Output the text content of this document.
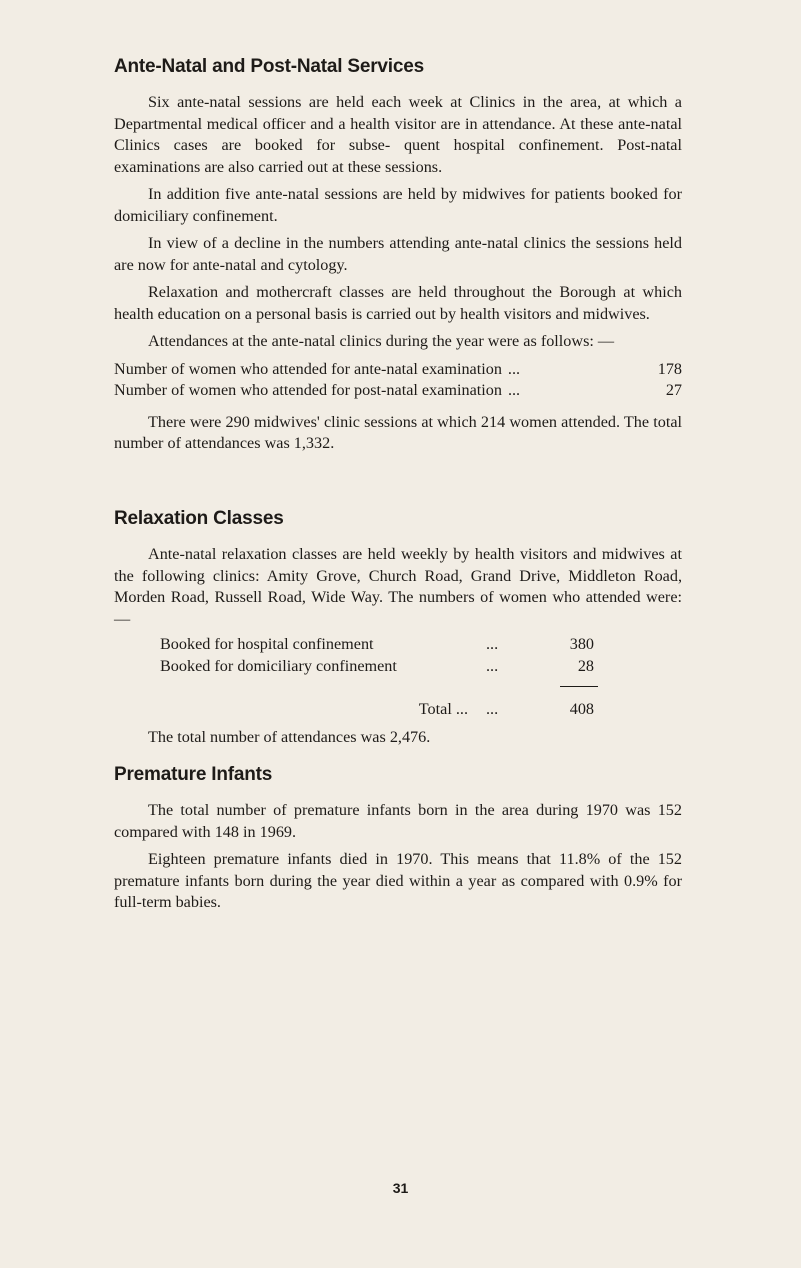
Ante-Natal and Post-Natal Services

Six ante-natal sessions are held each week at Clinics in the area, at which a Departmental medical officer and a health visitor are in attendance. At these ante-natal Clinics cases are booked for subse- quent hospital confinement. Post-natal examinations are also carried out at these sessions.

In addition five ante-natal sessions are held by midwives for patients booked for domiciliary confinement.

In view of a decline in the numbers attending ante-natal clinics the sessions held are now for ante-natal and cytology.

Relaxation and mothercraft classes are held throughout the Borough at which health education on a personal basis is carried out by health visitors and midwives.

Attendances at the ante-natal clinics during the year were as follows: —

Number of women who attended for ante-natal examination ...	178
Number of women who attended for post-natal examination ...	27

There were 290 midwives' clinic sessions at which 214 women attended. The total number of attendances was 1,332.

Relaxation Classes

Ante-natal relaxation classes are held weekly by health visitors and midwives at the following clinics: Amity Grove, Church Road, Grand Drive, Middleton Road, Morden Road, Russell Road, Wide Way. The numbers of women who attended were: —

Booked for hospital confinement	...	380
Booked for domiciliary confinement	...	28
Total ...	...	408

The total number of attendances was 2,476.

Premature Infants

The total number of premature infants born in the area during 1970 was 152 compared with 148 in 1969.

Eighteen premature infants died in 1970. This means that 11.8% of the 152 premature infants born during the year died within a year as compared with 0.9% for full-term babies.

31
